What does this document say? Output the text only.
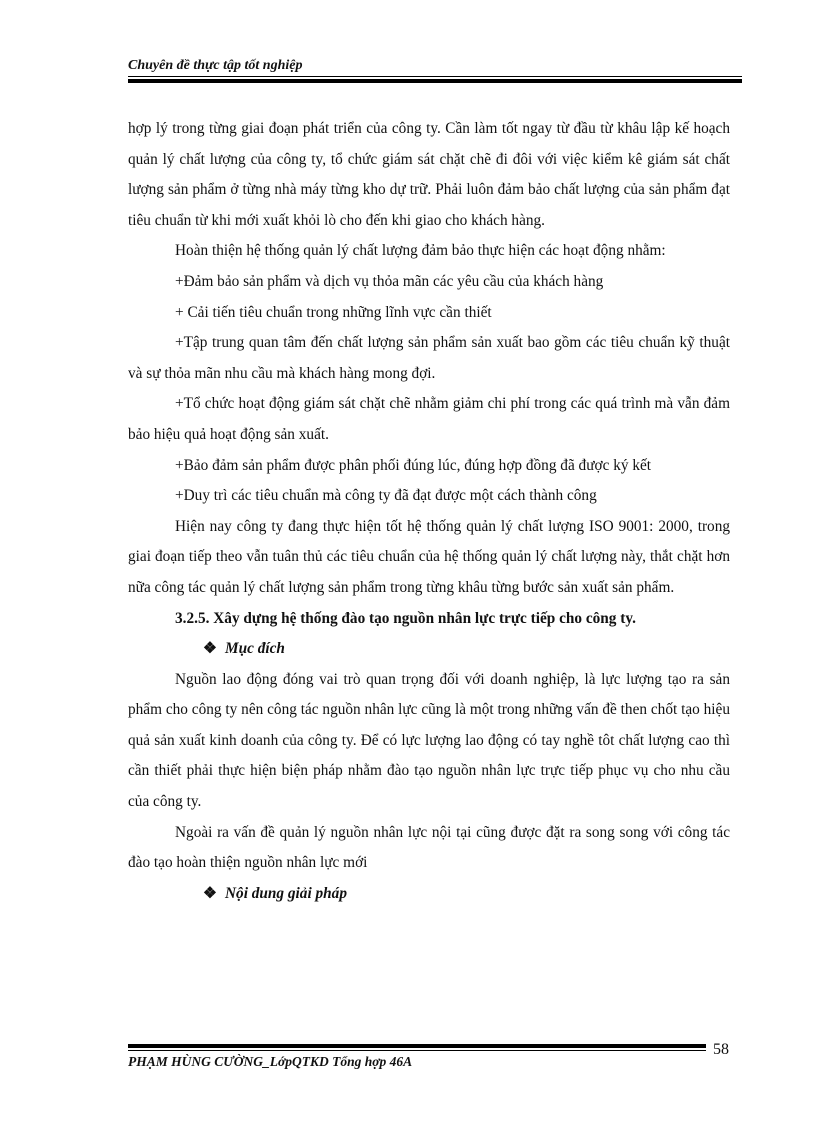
Chuyên đề thực tập tốt nghiệp

hợp lý trong từng giai đoạn phát triển của công ty. Cần làm tốt ngay từ đầu từ khâu lập kế hoạch quản lý chất lượng của công ty, tổ chức giám sát chặt chẽ đi đôi với việc kiểm kê giám sát chất lượng sản phẩm ở từng nhà máy từng kho dự trữ. Phải luôn đảm bảo chất lượng của sản phẩm đạt tiêu chuẩn từ khi mới xuất khỏi lò cho đến khi giao cho khách hàng.

Hoàn thiện hệ thống quản lý chất lượng đảm bảo thực hiện các hoạt động nhằm:

+Đảm bảo sản phẩm và dịch vụ thỏa mãn các yêu cầu của khách hàng

+ Cải tiến tiêu chuẩn trong những lĩnh vực cần thiết

+Tập trung quan tâm đến chất lượng sản phẩm sản xuất bao gồm các tiêu chuẩn kỹ thuật và sự thỏa mãn nhu cầu mà khách hàng mong đợi.

+Tổ chức hoạt động giám sát chặt chẽ nhằm giảm chi phí trong các quá trình mà vẫn đảm bảo hiệu quả hoạt động sản xuất.

+Bảo đảm sản phẩm được phân phối đúng lúc, đúng hợp đồng đã được ký kết

+Duy trì các tiêu chuẩn mà công ty đã đạt được một cách thành công

Hiện nay công ty đang thực hiện tốt hệ thống quản lý chất lượng ISO 9001: 2000, trong giai đoạn tiếp theo vẫn tuân thủ các tiêu chuẩn của hệ thống quản lý chất lượng này, thắt chặt hơn nữa công tác quản lý chất lượng sản phẩm trong từng khâu từng bước sản xuất sản phẩm.

3.2.5. Xây dựng hệ thống đào tạo nguồn nhân lực trực tiếp cho công ty.

❖ Mục đích

Nguồn lao động đóng vai trò quan trọng đối với doanh nghiệp, là lực lượng tạo ra sản phẩm cho công ty nên công tác nguồn nhân lực cũng là một trong những vấn đề then chốt tạo hiệu quả sản xuất kinh doanh của công ty. Để có lực lượng lao động có tay nghề tôt chất lượng cao thì cần thiết phải thực hiện biện pháp nhằm đào tạo nguồn nhân lực trực tiếp phục vụ cho nhu cầu của công ty.

Ngoài ra vấn đề quản lý nguồn nhân lực nội tại cũng được đặt ra song song với công tác đào tạo hoàn thiện nguồn nhân lực mới

❖ Nội dung giải pháp

PHẠM HÙNG CƯỜNG_LớpQTKD Tổng hợp 46A
58
